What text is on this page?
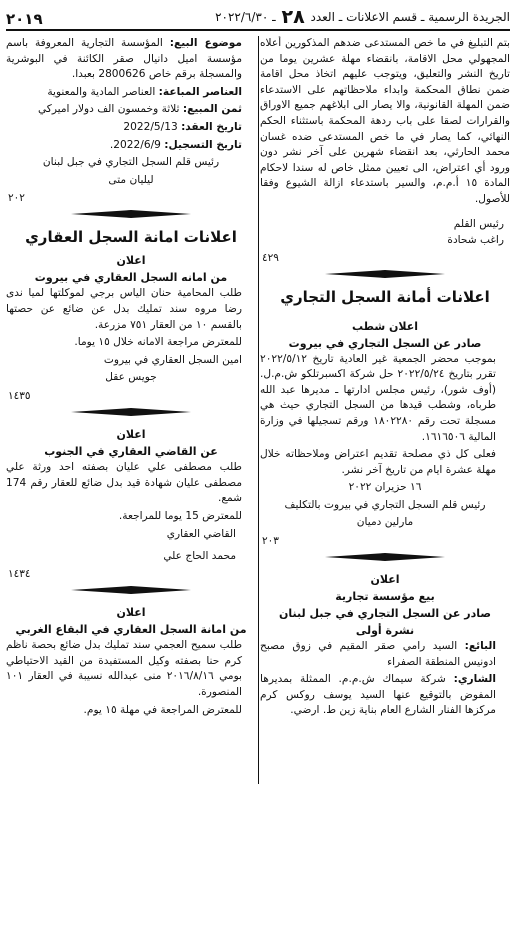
الجريدة الرسمية ـ قسم الاعلانات ـ العدد ٢٨ ـ ٢٠٢٢/٦/٣٠
٢٠١٩

بتم التبليغ في ما خص المستدعى ضدهم المذكورين أعلاه المجهولي محل الاقامة، بانقضاء مهلة عشرين يوما من تاريخ النشر والتعليق، ويتوجب عليهم اتخاذ محل اقامة ضمن نطاق المحكمة وابداء ملاحظاتهم على الاستدعاء ضمن المهلة القانونية، والا يصار الى ابلاغهم جميع الاوراق والقرارات لصقا على باب ردهة المحكمة باستثناء الحكم النهائي، كما يصار في ما خص المستدعى ضده غسان محمد الحارثي، بعد انقضاء شهرين على آخر نشر دون ورود أي اعتراض، الى تعيين ممثل خاص له سندا لاحكام المادة ١٥ أ.م.م، والسير باستدعاء ازالة الشيوع وفقا للأصول.

رئيس القلم
راغب شحادة
٤٢٩
اعلانات أمانة السجل التجاري
اعلان شطب
صادر عن السجل التجاري في بيروت

بموجب محضر الجمعية غير العادية تاريخ ٢٠٢٢/٥/١٢ تقرر بتاريخ ٢٠٢٢/٥/٢٤ حل شركة اكسبرتلكو ش.م.ل.(أوف شور)، رئيس مجلس ادارتها ـ مديرها عبد الله طرباه، وشطب قيدها من السجل التجاري حيث هي مسجلة تحت رقم ١٨٠٢٢٨٠ ورقم تسجيلها في وزارة المالية ١٦١٦٥٠٦.

فعلى كل ذي مصلحة تقديم اعتراض وملاحظاته خلال مهلة عشرة ايام من تاريخ آخر نشر.

١٦ حزيران ٢٠٢٢

رئيس قلم السجل التجاري في بيروت بالتكليف

مارلين دميان

٢٠٣
اعلان
بيع مؤسسة تجارية
صادر عن السجل التجاري في جبل لبنان
نشرة أولى

البائع: السيد رامي صقر المقيم في زوق مصبح ادونيس المنطقة الصفراء

الشاري: شركة سيماك ش.م.م. الممثلة بمديرها المفوض بالتوقيع عنها السيد يوسف روكس كرم مركزها الفنار الشارع العام بناية زين ط. ارضي.

موضوع البيع: المؤسسة التجارية المعروفة باسم مؤسسة اميل دانيال صقر الكائنة في البوشرية والمسجلة برقم خاص 2800626 بعبدا.

العناصر المباعة: العناصر المادية والمعنوية

ثمن المبيع: ثلاثة وخمسون الف دولار اميركي

تاريخ العقد: 2022/5/13

تاريخ التسجيل: 2022/6/9.

رئيس قلم السجل التجاري في جبل لبنان

ليليان متى

٢٠٢
اعلانات امانة السجل العقاري
اعلان
من امانه السجل العقاري في بيروت

طلب المحامية حنان الياس برجي لموكلتها لميا ندى رضا مروه سند تمليك بدل عن ضائع عن حصتها بالقسم ١٠ من العقار ٧٥١ مزرعة.

للمعترض مراجعة الامانه خلال ١٥ يوما.

امين السجل العقاري في بيروت

جويس عقل

١٤٣٥
اعلان
عن القاضي العقاري في الجنوب

طلب مصطفى علي عليان بصفته احد ورثة علي مصطفى عليان شهادة قيد بدل ضائع للعقار رقم 174 شمع.

للمعترض 15 يوما للمراجعة.

القاضي العقاري
محمد الحاج علي
١٤٣٤
اعلان
من امانة السجل العقاري في البقاع الغربي

طلب سميح العجمي سند تمليك بدل ضائع بحصة ناظم كرم حنا بصفته وكيل المستفيدة من القيد الاحتياطي بومي ٢٠١٦/٨/١٦ منى عبدالله نسيبة في العقار ١٠١ المنصورة.

للمعترض المراجعة في مهلة ١٥ يوم.
